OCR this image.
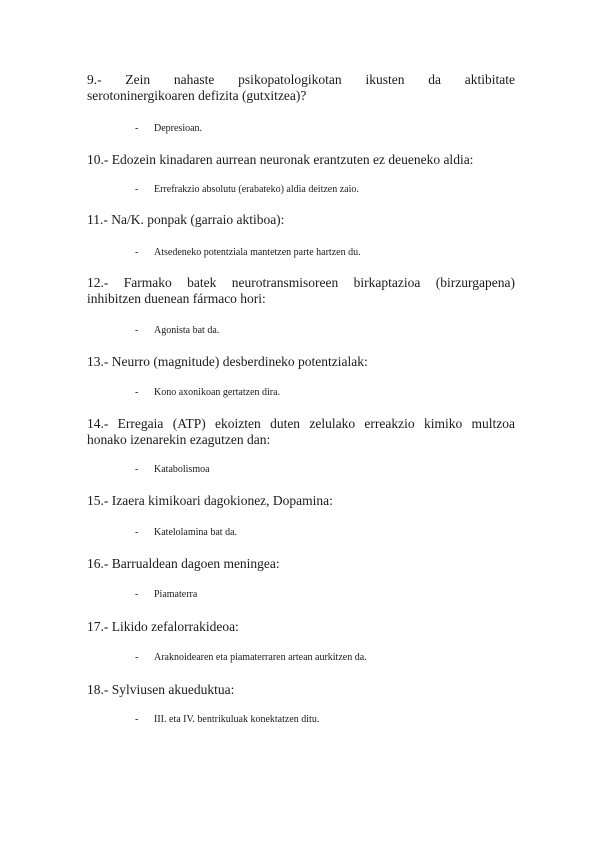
9.- Zein nahaste psikopatologikotan ikusten da aktibitate
serotoninergikoaren defizita (gutxitzea)?
- Depresioan.
10.- Edozein kinadaren aurrean neuronak erantzuten ez deueneko aldia:
- Errefrakzio absolutu (erabateko) aldia deitzen zaio.
11.- Na/K. ponpak (garraio aktiboa):
- Atsedeneko potentziala mantetzen parte hartzen du.
12.- Farmako batek neurotransmisoreen birkaptazioa (birzurgapena)
inhibitzen duenean fármaco hori:
- Agonista bat da.
13.- Neurro (magnitude) desberdineko potentzialak:
- Kono axonikoan gertatzen dira.
14.- Erregaia (ATP) ekoizten duten zelulako erreakzio kimiko multzoa
honako izenarekin ezagutzen dan:
- Katabolismoa
15.- Izaera kimikoari dagokionez, Dopamina:
- Katelolamina bat da.
16.- Barrualdean dagoen meningea:
- Piamaterra
17.- Likido zefalorrakideoa:
- Araknoidearen eta piamaterraren artean aurkitzen da.
18.- Sylviusen akueduktua:
- III. eta IV. bentrikuluak konektatzen ditu.
